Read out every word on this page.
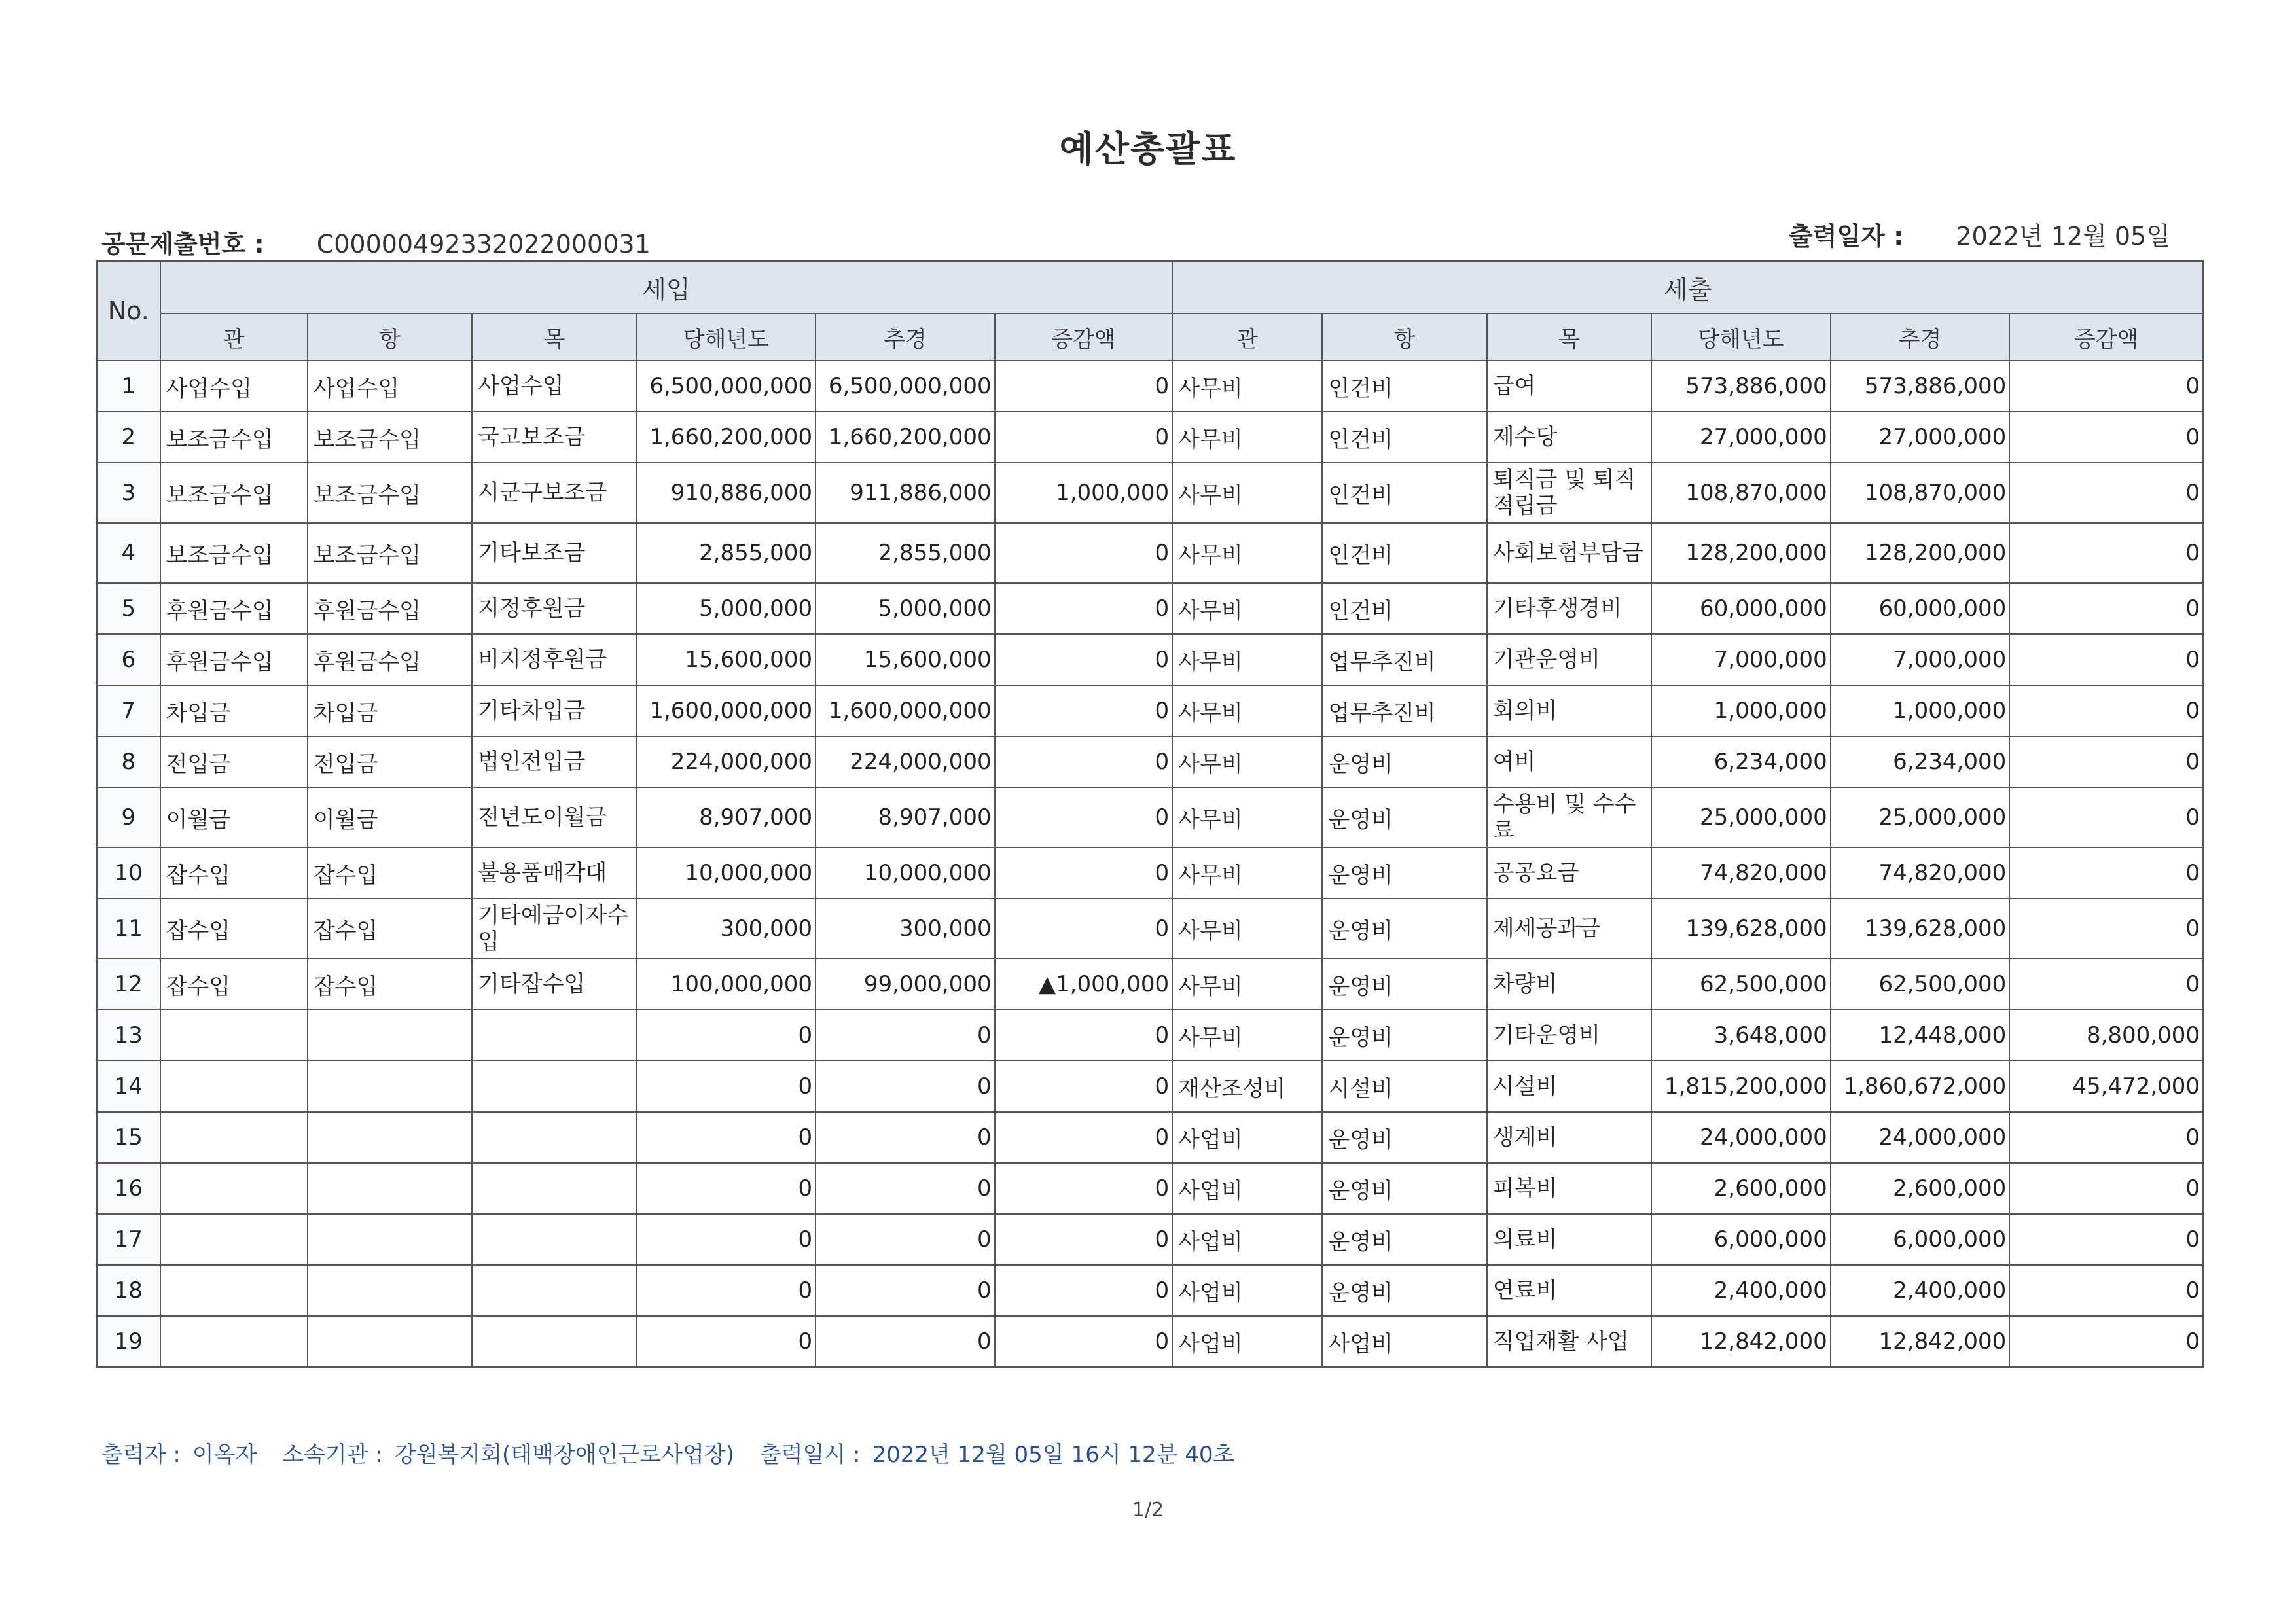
예산총괄표
공문제출번호 : C00000492332022000031	출력일자 : 2022년 12월 05일
No.	세입						세출					
	관	항	목	당해년도	추경	증감액	관	항	목	당해년도	추경	증감액
1	사업수입	사업수입	사업수입	6,500,000,000	6,500,000,000	0	사무비	인건비	급여	573,886,000	573,886,000	0
2	보조금수입	보조금수입	국고보조금	1,660,200,000	1,660,200,000	0	사무비	인건비	제수당	27,000,000	27,000,000	0
3	보조금수입	보조금수입	시군구보조금	910,886,000	911,886,000	1,000,000	사무비	인건비	퇴직금 및 퇴직적립금	108,870,000	108,870,000	0
4	보조금수입	보조금수입	기타보조금	2,855,000	2,855,000	0	사무비	인건비	사회보험부담금	128,200,000	128,200,000	0
5	후원금수입	후원금수입	지정후원금	5,000,000	5,000,000	0	사무비	인건비	기타후생경비	60,000,000	60,000,000	0
6	후원금수입	후원금수입	비지정후원금	15,600,000	15,600,000	0	사무비	업무추진비	기관운영비	7,000,000	7,000,000	0
7	차입금	차입금	기타차입금	1,600,000,000	1,600,000,000	0	사무비	업무추진비	회의비	1,000,000	1,000,000	0
8	전입금	전입금	법인전입금	224,000,000	224,000,000	0	사무비	운영비	여비	6,234,000	6,234,000	0
9	이월금	이월금	전년도이월금	8,907,000	8,907,000	0	사무비	운영비	수용비 및 수수료	25,000,000	25,000,000	0
10	잡수입	잡수입	불용품매각대	10,000,000	10,000,000	0	사무비	운영비	공공요금	74,820,000	74,820,000	0
11	잡수입	잡수입	기타예금이자수입	300,000	300,000	0	사무비	운영비	제세공과금	139,628,000	139,628,000	0
12	잡수입	잡수입	기타잡수입	100,000,000	99,000,000	▲1,000,000	사무비	운영비	차량비	62,500,000	62,500,000	0
13				0	0	0	사무비	운영비	기타운영비	3,648,000	12,448,000	8,800,000
14				0	0	0	재산조성비	시설비	시설비	1,815,200,000	1,860,672,000	45,472,000
15				0	0	0	사업비	운영비	생계비	24,000,000	24,000,000	0
16				0	0	0	사업비	운영비	피복비	2,600,000	2,600,000	0
17				0	0	0	사업비	운영비	의료비	6,000,000	6,000,000	0
18				0	0	0	사업비	운영비	연료비	2,400,000	2,400,000	0
19				0	0	0	사업비	사업비	직업재활 사업	12,842,000	12,842,000	0
출력자 : 이옥자 소속기관 : 강원복지회(태백장애인근로사업장) 출력일시 : 2022년 12월 05일 16시 12분 40초
1/2
